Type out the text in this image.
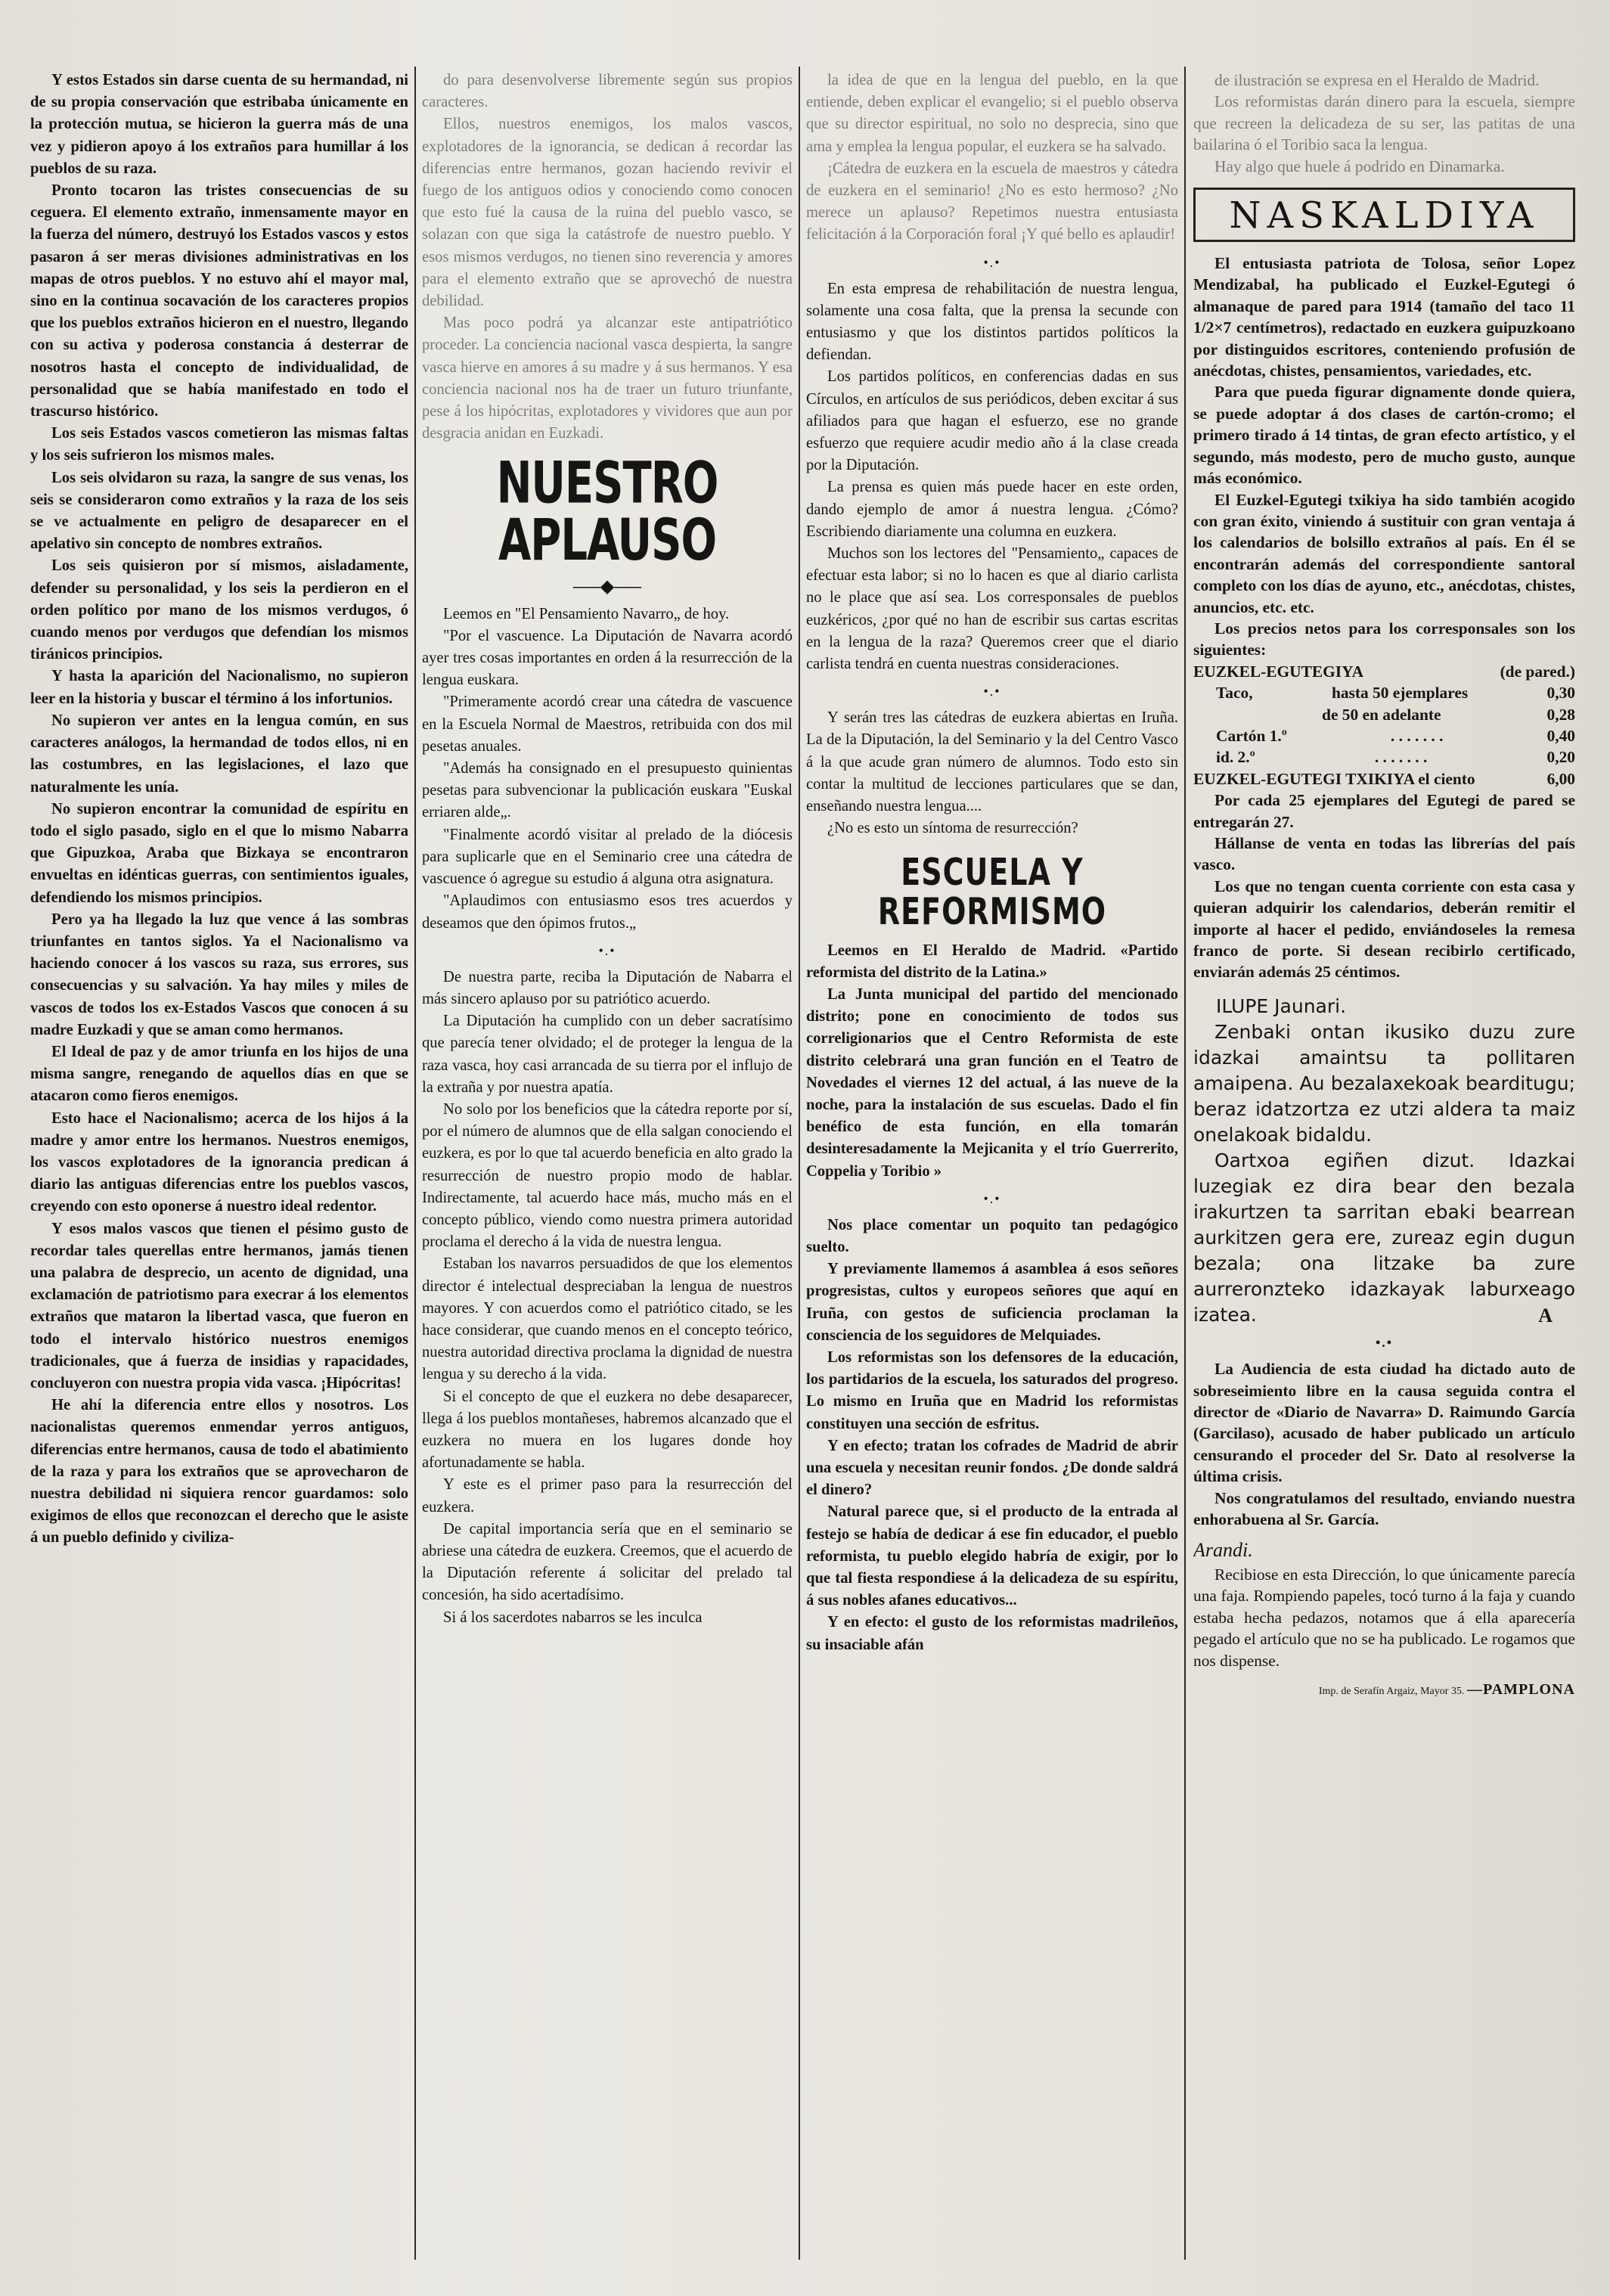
Y estos Estados sin darse cuenta de su hermandad, ni de su propia conservación que estribaba únicamente en la protección mutua, se hicieron la guerra más de una vez y pidieron apoyo á los extraños para humillar á los pueblos de su raza.

Pronto tocaron las tristes consecuencias de su ceguera. El elemento extraño, inmensamente mayor en la fuerza del número, destruyó los Estados vascos y estos pasaron á ser meras divisiones administrativas en los mapas de otros pueblos. Y no estuvo ahí el mayor mal, sino en la continua socavación de los caracteres propios que los pueblos extraños hicieron en el nuestro, llegando con su activa y poderosa constancia á desterrar de nosotros hasta el concepto de individualidad, de personalidad que se había manifestado en todo el trascurso histórico.

Los seis Estados vascos cometieron las mismas faltas y los seis sufrieron los mismos males.

Los seis olvidaron su raza, la sangre de sus venas, los seis se consideraron como extraños y la raza de los seis se ve actualmente en peligro de desaparecer en el apelativo sin concepto de nombres extraños.

Los seis quisieron por sí mismos, aisladamente, defender su personalidad, y los seis la perdieron en el orden político por mano de los mismos verdugos, ó cuando menos por verdugos que defendían los mismos tiránicos principios.

Y hasta la aparición del Nacionalismo, no supieron leer en la historia y buscar el término á los infortunios.

No supieron ver antes en la lengua común, en sus caracteres análogos, la hermandad de todos ellos, ni en las costumbres, en las legislaciones, el lazo que naturalmente les unía.

No supieron encontrar la comunidad de espíritu en todo el siglo pasado, siglo en el que lo mismo Nabarra que Gipuzkoa, Araba que Bizkaya se encontraron envueltas en idénticas guerras, con sentimientos iguales, defendiendo los mismos principios.

Pero ya ha llegado la luz que vence á las sombras triunfantes en tantos siglos. Ya el Nacionalismo va haciendo conocer á los vascos su raza, sus errores, sus consecuencias y su salvación. Ya hay miles y miles de vascos de todos los ex-Estados Vascos que conocen á su madre Euzkadi y que se aman como hermanos.

El Ideal de paz y de amor triunfa en los hijos de una misma sangre, renegando de aquellos días en que se atacaron como fieros enemigos.

Esto hace el Nacionalismo; acerca de los hijos á la madre y amor entre los hermanos. Nuestros enemigos, los vascos explotadores de la ignorancia predican á diario las antiguas diferencias entre los pueblos vascos, creyendo con esto oponerse á nuestro ideal redentor.

Y esos malos vascos que tienen el pésimo gusto de recordar tales querellas entre hermanos, jamás tienen una palabra de desprecio, un acento de dignidad, una exclamación de patriotismo para execrar á los elementos extraños que mataron la libertad vasca, que fueron en todo el intervalo histórico nuestros enemigos tradicionales, que á fuerza de insidias y rapacidades, concluyeron con nuestra propia vida vasca. ¡Hipócritas!

He ahí la diferencia entre ellos y nosotros. Los nacionalistas queremos enmendar yerros antiguos, diferencias entre hermanos, causa de todo el abatimiento de la raza y para los extraños que se aprovecharon de nuestra debilidad ni siquiera rencor guardamos: solo exigimos de ellos que reconozcan el derecho que le asiste á un pueblo definido y civiliza-

do para desenvolverse libremente según sus propios caracteres.

Ellos, nuestros enemigos, los malos vascos, explotadores de la ignorancia, se dedican á recordar las diferencias entre hermanos, gozan haciendo revivir el fuego de los antiguos odios y conociendo como conocen que esto fué la causa de la ruina del pueblo vasco, se solazan con que siga la catástrofe de nuestro pueblo. Y esos mismos verdugos, no tienen sino reverencia y amores para el elemento extraño que se aprovechó de nuestra debilidad.

Mas poco podrá ya alcanzar este antipatriótico proceder. La conciencia nacional vasca despierta, la sangre vasca hierve en amores á su madre y á sus hermanos. Y esa conciencia nacional nos ha de traer un futuro triunfante, pese á los hipócritas, explotadores y vividores que aun por desgracia anidan en Euzkadi.

NUESTRO APLAUSO
⎯⎯⎯◆⎯⎯⎯

Leemos en "El Pensamiento Navarro„ de hoy.

"Por el vascuence. La Diputación de Navarra acordó ayer tres cosas importantes en orden á la resurrección de la lengua euskara.

"Primeramente acordó crear una cátedra de vascuence en la Escuela Normal de Maestros, retribuida con dos mil pesetas anuales.

"Además ha consignado en el presupuesto quinientas pesetas para subvencionar la publicación euskara "Euskal erriaren alde„.

"Finalmente acordó visitar al prelado de la diócesis para suplicarle que en el Seminario cree una cátedra de vascuence ó agregue su estudio á alguna otra asignatura.

"Aplaudimos con entusiasmo esos tres acuerdos y deseamos que den ópimos frutos.„

•.•

De nuestra parte, reciba la Diputación de Nabarra el más sincero aplauso por su patriótico acuerdo.

La Diputación ha cumplido con un deber sacratísimo que parecía tener olvidado; el de proteger la lengua de la raza vasca, hoy casi arrancada de su tierra por el influjo de la extraña y por nuestra apatía.

No solo por los beneficios que la cátedra reporte por sí, por el número de alumnos que de ella salgan conociendo el euzkera, es por lo que tal acuerdo beneficia en alto grado la resurrección de nuestro propio modo de hablar. Indirectamente, tal acuerdo hace más, mucho más en el concepto público, viendo como nuestra primera autoridad proclama el derecho á la vida de nuestra lengua.

Estaban los navarros persuadidos de que los elementos director é intelectual despreciaban la lengua de nuestros mayores. Y con acuerdos como el patriótico citado, se les hace considerar, que cuando menos en el concepto teórico, nuestra autoridad directiva proclama la dignidad de nuestra lengua y su derecho á la vida.

Si el concepto de que el euzkera no debe desaparecer, llega á los pueblos montañeses, habremos alcanzado que el euzkera no muera en los lugares donde hoy afortunadamente se habla.

Y este es el primer paso para la resurrección del euzkera.

De capital importancia sería que en el seminario se abriese una cátedra de euzkera. Creemos, que el acuerdo de la Diputación referente á solicitar del prelado tal concesión, ha sido acertadísimo.

Si á los sacerdotes nabarros se les inculca

la idea de que en la lengua del pueblo, en la que entiende, deben explicar el evangelio; si el pueblo observa que su director espiritual, no solo no desprecia, sino que ama y emplea la lengua popular, el euzkera se ha salvado.

¡Cátedra de euzkera en la escuela de maestros y cátedra de euzkera en el seminario! ¿No es esto hermoso? ¿No merece un aplauso? Repetimos nuestra entusiasta felicitación á la Corporación foral ¡Y qué bello es aplaudir!

•.•

En esta empresa de rehabilitación de nuestra lengua, solamente una cosa falta, que la prensa la secunde con entusiasmo y que los distintos partidos políticos la defiendan.

Los partidos políticos, en conferencias dadas en sus Círculos, en artículos de sus periódicos, deben excitar á sus afiliados para que hagan el esfuerzo, ese no grande esfuerzo que requiere acudir medio año á la clase creada por la Diputación.

La prensa es quien más puede hacer en este orden, dando ejemplo de amor á nuestra lengua. ¿Cómo? Escribiendo diariamente una columna en euzkera.

Muchos son los lectores del "Pensamiento„ capaces de efectuar esta labor; si no lo hacen es que al diario carlista no le place que así sea. Los corresponsales de pueblos euzkéricos, ¿por qué no han de escribir sus cartas escritas en la lengua de la raza? Queremos creer que el diario carlista tendrá en cuenta nuestras consideraciones.

•.•

Y serán tres las cátedras de euzkera abiertas en Iruña. La de la Diputación, la del Seminario y la del Centro Vasco á la que acude gran número de alumnos. Todo esto sin contar la multitud de lecciones particulares que se dan, enseñando nuestra lengua....

¿No es esto un síntoma de resurrección?

ESCUELA Y REFORMISMO

Leemos en El Heraldo de Madrid. «Partido reformista del distrito de la Latina.»

La Junta municipal del partido del mencionado distrito; pone en conocimiento de todos sus correligionarios que el Centro Reformista de este distrito celebrará una gran función en el Teatro de Novedades el viernes 12 del actual, á las nueve de la noche, para la instalación de sus escuelas. Dado el fin benéfico de esta función, en ella tomarán desinteresadamente la Mejicanita y el trío Guerrerito, Coppelia y Toribio »

•.•

Nos place comentar un poquito tan pedagógico suelto.

Y previamente llamemos á asamblea á esos señores progresistas, cultos y europeos señores que aquí en Iruña, con gestos de suficiencia proclaman la consciencia de los seguidores de Melquiades.

Los reformistas son los defensores de la educación, los partidarios de la escuela, los saturados del progreso. Lo mismo en Iruña que en Madrid los reformistas constituyen una sección de esfritus.

Y en efecto; tratan los cofrades de Madrid de abrir una escuela y necesitan reunir fondos. ¿De donde saldrá el dinero?

Natural parece que, si el producto de la entrada al festejo se había de dedicar á ese fin educador, el pueblo reformista, tu pueblo elegido habría de exigir, por lo que tal fiesta respondiese á la delicadeza de su espíritu, á sus nobles afanes educativos...

Y en efecto: el gusto de los reformistas madrileños, su insaciable afán

de ilustración se expresa en el Heraldo de Madrid.

Los reformistas darán dinero para la escuela, siempre que recreen la delicadeza de su ser, las patitas de una bailarina ó el Toribio saca la lengua.

Hay algo que huele á podrido en Dinamarka.

NASKALDIYA

El entusiasta patriota de Tolosa, señor Lopez Mendizabal, ha publicado el Euzkel-Egutegi ó almanaque de pared para 1914 (tamaño del taco 11 1/2×7 centímetros), redactado en euzkera guipuzkoano por distinguidos escritores, conteniendo profusión de anécdotas, chistes, pensamientos, variedades, etc.

Para que pueda figurar dignamente donde quiera, se puede adoptar á dos clases de cartón-cromo; el primero tirado á 14 tintas, de gran efecto artístico, y el segundo, más modesto, pero de mucho gusto, aunque más económico.

El Euzkel-Egutegi txikiya ha sido también acogido con gran éxito, viniendo á sustituir con gran ventaja á los calendarios de bolsillo extraños al país. En él se encontrarán además del correspondiente santoral completo con los días de ayuno, etc., anécdotas, chistes, anuncios, etc. etc.

Los precios netos para los corresponsales son los siguientes:

EUZKEL-EGUTEGIYA	(de pared.)
Taco,	hasta 50 ejemplares	0,30
de 50 en adelante	0,28
Cartón 1.º	. . . . . . .	0,40
id. 2.º	. . . . . . .	0,20
EUZKEL-EGUTEGI TXIKIYA el ciento	6,00

Por cada 25 ejemplares del Egutegi de pared se entregarán 27.

Hállanse de venta en todas las librerías del país vasco.

Los que no tengan cuenta corriente con esta casa y quieran adquirir los calendarios, deberán remitir el importe al hacer el pedido, enviándoseles la remesa franco de porte. Si desean recibirlo certificado, enviarán además 25 céntimos.

ILUPE Jaunari.

Zenbaki ontan ikusiko duzu zure idazkai amaintsu ta pollitaren amaipena. Au bezalaxekoak bearditugu; beraz idatzortza ez utzi aldera ta maiz onelakoak bidaldu.

Oartxoa egiñen dizut. Idazkai luzegiak ez dira bear den bezala irakurtzen ta sarritan ebaki bearrean aurkitzen gera ere, zureaz egin dugun bezala; ona litzake ba zure aurreronzteko idazkayak laburxeago izatea.	A
•.•

La Audiencia de esta ciudad ha dictado auto de sobreseimiento libre en la causa seguida contra el director de «Diario de Navarra» D. Raimundo García (Garcilaso), acusado de haber publicado un artículo censurando el proceder del Sr. Dato al resolverse la última crisis.

Nos congratulamos del resultado, enviando nuestra enhorabuena al Sr. García.

Arandi.

Recibiose en esta Dirección, lo que únicamente parecía una faja. Rompiendo papeles, tocó turno á la faja y cuando estaba hecha pedazos, notamos que á ella aparecería pegado el artículo que no se ha publicado. Le rogamos que nos dispense.

Imp. de Serafín Argaiz, Mayor 35. —PAMPLONA
